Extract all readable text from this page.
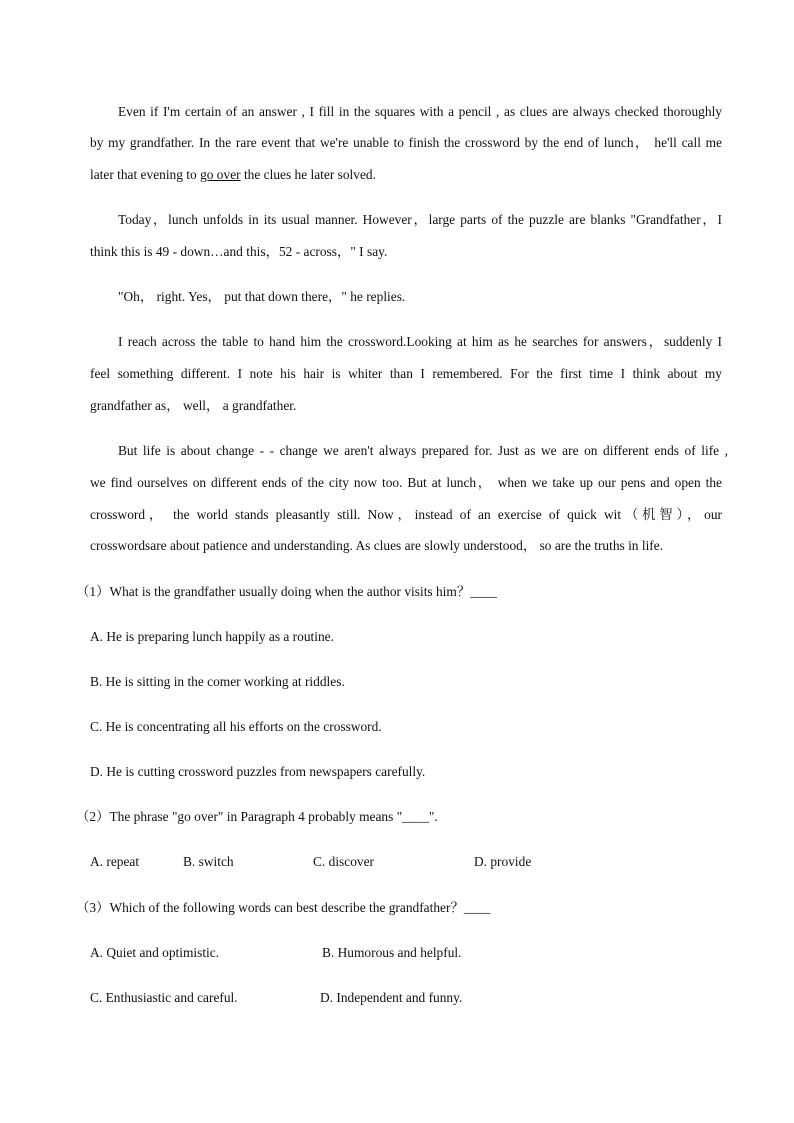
Even if I'm certain of an answer , I fill in the squares with a pencil , as clues are always checked thoroughly
by my grandfather. In the rare event that we're unable to finish the crossword by the end of lunch， he'll call me
later that evening to go over the clues he later solved.
Today，lunch unfolds in its usual manner. However，large parts of the puzzle are blanks "Grandfather，I
think this is 49 - down…and this，52 - across，" I say.
"Oh， right. Yes， put that down there，" he replies.
I reach across the table to hand him the crossword.Looking at him as he searches for answers，suddenly I
feel something different. I note his hair is whiter than I remembered. For the first time I think about my
grandfather as， well， a grandfather.
But life is about change - - change we aren't always prepared for. Just as we are on different ends of life ,
we find ourselves on different ends of the city now too. But at lunch， when we take up our pens and open the
crossword， the world stands pleasantly still. Now，instead of an exercise of quick wit（机智），our
crosswordsare about patience and understanding. As clues are slowly understood， so are the truths in life.
（1）What is the grandfather usually doing when the author visits him？____
A. He is preparing lunch happily as a routine.
B. He is sitting in the comer working at riddles.
C. He is concentrating all his efforts on the crossword.
D. He is cutting crossword puzzles from newspapers carefully.
（2）The phrase "go over" in Paragraph 4 probably means "____".
A. repeat	B. switch	C. discover	D. provide
（3）Which of the following words can best describe the grandfather？____
A. Quiet and optimistic.	B. Humorous and helpful.
C. Enthusiastic and careful.	D. Independent and funny.
